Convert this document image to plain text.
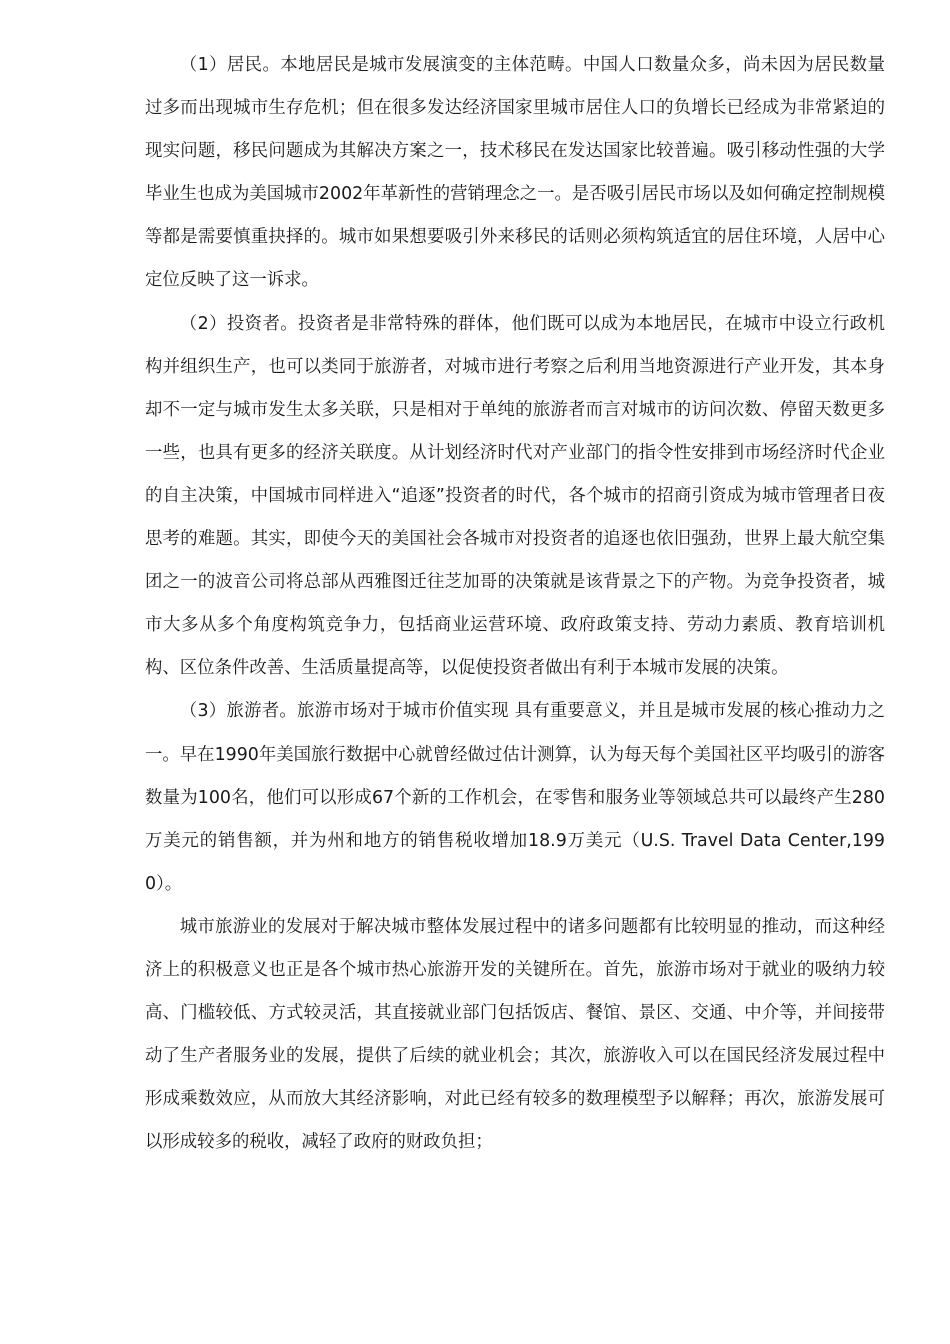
（1）居民。本地居民是城市发展演变的主体范畴。中国人口数量众多，尚未因为居民数量过多而出现城市生存危机；但在很多发达经济国家里城市居住人口的负增长已经成为非常紧迫的现实问题，移民问题成为其解决方案之一，技术移民在发达国家比较普遍。吸引移动性强的大学毕业生也成为美国城市2002年革新性的营销理念之一。是否吸引居民市场以及如何确定控制规模等都是需要慎重抉择的。城市如果想要吸引外来移民的话则必须构筑适宜的居住环境，人居中心定位反映了这一诉求。

（2）投资者。投资者是非常特殊的群体，他们既可以成为本地居民，在城市中设立行政机构并组织生产，也可以类同于旅游者，对城市进行考察之后利用当地资源进行产业开发，其本身却不一定与城市发生太多关联，只是相对于单纯的旅游者而言对城市的访问次数、停留天数更多一些，也具有更多的经济关联度。从计划经济时代对产业部门的指令性安排到市场经济时代企业的自主决策，中国城市同样进入“追逐”投资者的时代，各个城市的招商引资成为城市管理者日夜思考的难题。其实，即使今天的美国社会各城市对投资者的追逐也依旧强劲，世界上最大航空集团之一的波音公司将总部从西雅图迁往芝加哥的决策就是该背景之下的产物。为竞争投资者，城市大多从多个角度构筑竞争力，包括商业运营环境、政府政策支持、劳动力素质、教育培训机构、区位条件改善、生活质量提高等，以促使投资者做出有利于本城市发展的决策。

（3）旅游者。旅游市场对于城市价值实现 具有重要意义，并且是城市发展的核心推动力之一。早在1990年美国旅行数据中心就曾经做过估计测算，认为每天每个美国社区平均吸引的游客数量为100名，他们可以形成67个新的工作机会，在零售和服务业等领域总共可以最终产生280万美元的销售额，并为州和地方的销售税收增加18.9万美元（U.S. Travel Data Center,1990）。

城市旅游业的发展对于解决城市整体发展过程中的诸多问题都有比较明显的推动，而这种经济上的积极意义也正是各个城市热心旅游开发的关键所在。首先，旅游市场对于就业的吸纳力较高、门槛较低、方式较灵活，其直接就业部门包括饭店、餐馆、景区、交通、中介等，并间接带动了生产者服务业的发展，提供了后续的就业机会；其次，旅游收入可以在国民经济发展过程中形成乘数效应，从而放大其经济影响，对此已经有较多的数理模型予以解释；再次，旅游发展可以形成较多的税收，减轻了政府的财政负担；
